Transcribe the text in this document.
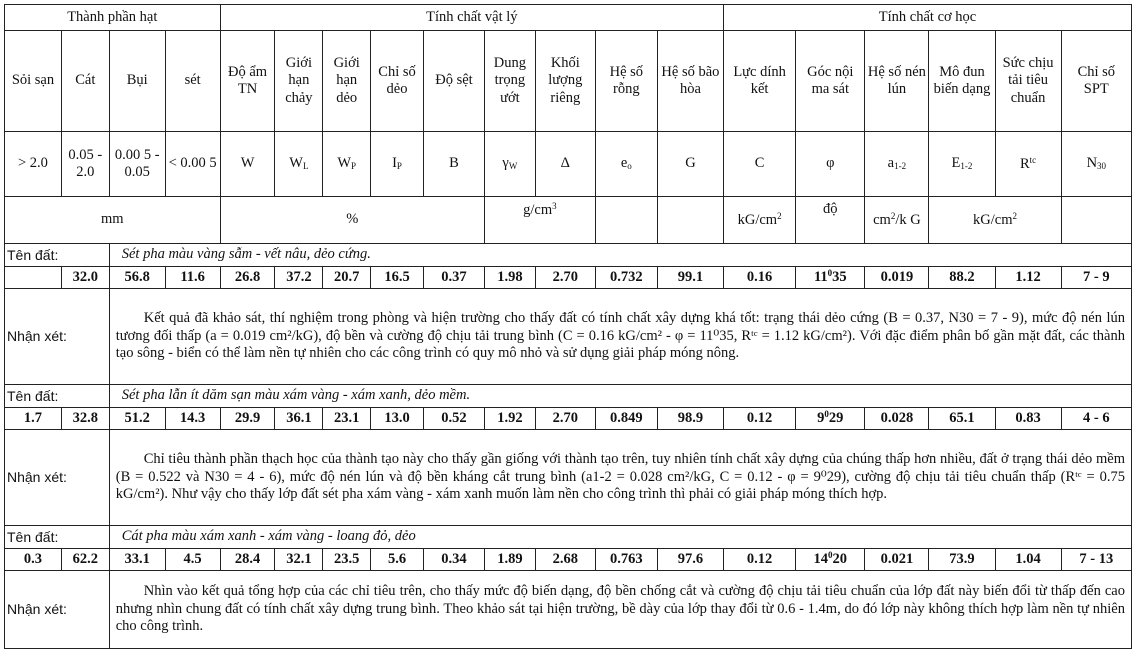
Thành phần hạt				Tính chất vật lý									Tính chất cơ học					
Sỏi sạn	Cát	Bụi	sét	Độ ẩm TN	Giới hạn chảy	Giới hạn dẻo	Chỉ số dẻo	Độ sệt	Dung trọng ướt	Khối lượng riêng	Hệ số rỗng	Hệ số bão hòa	Lực dính kết	Góc nội ma sát	Hệ số nén lún	Mô đun biến dạng	Sức chịu tải tiêu chuẩn	Chỉ số SPT
> 2.0	0.05 - 2.0	0.00 5 - 0.05	< 0.00 5	W	$W_L$	$W_P$	$I_P$	B	$\gamma_W$	Δ	$e_o$	G	C	φ	$a_{1-2}$	$E_{1-2}$	$R^{tc}$	$N_{30}$
mm				%					$g/cm^3$				$kG/cm^2$	độ	$cm^2/k$ G	$kG/cm^2$	
Tên đất:		Sét pha màu vàng sẫm - vết nâu, dẻo cứng.																
	32.0	56.8	11.6	26.8	37.2	20.7	16.5	0.37	1.98	2.70	0.732	99.1	0.16	$11^035$	0.019	88.2	1.12	7 - 9
Nhận xét:		Kết quả đã khảo sát, thí nghiệm trong phòng và hiện trường cho thấy đất có tính chất xây dựng khá tốt: trạng thái dẻo cứng (B = 0.37, N30 = 7 - 9), mức độ nén lún tương đối thấp (a = 0.019 cm²/kG), độ bền và cường độ chịu tải trung bình (C = 0.16 kG/cm² - φ = 11⁰35, Rᵗᶜ = 1.12 kG/cm²). Với đặc điểm phân bố gần mặt đất, các thành tạo sông - biển có thể làm nền tự nhiên cho các công trình có quy mô nhỏ và sử dụng giải pháp móng nông.																

Tên đất:		Sét pha lẫn ít dăm sạn màu xám vàng - xám xanh, dẻo mềm.																
1.7	32.8	51.2	14.3	29.9	36.1	23.1	13.0	0.52	1.92	2.70	0.849	98.9	0.12	$9^029$	0.028	65.1	0.83	4 - 6
Nhận xét:		Chỉ tiêu thành phần thạch học của thành tạo này cho thấy gần giống với thành tạo trên, tuy nhiên tính chất xây dựng của chúng thấp hơn nhiều, đất ở trạng thái dẻo mềm (B = 0.522 và N30 = 4 - 6), mức độ nén lún và độ bền kháng cắt trung bình (a1-2 = 0.028 cm²/kG, C = 0.12 - φ = 9⁰29), cường độ chịu tải tiêu chuẩn thấp (Rᵗᶜ = 0.75 kG/cm²). Như vậy cho thấy lớp đất sét pha xám vàng - xám xanh muốn làm nền cho công trình thì phải có giải pháp móng thích hợp.																

Tên đất:		Cát pha màu xám xanh - xám vàng - loang đỏ, dẻo																
0.3	62.2	33.1	4.5	28.4	32.1	23.5	5.6	0.34	1.89	2.68	0.763	97.6	0.12	$14^020$	0.021	73.9	1.04	7 - 13
Nhận xét:		Nhìn vào kết quả tổng hợp của các chỉ tiêu trên, cho thấy mức độ biến dạng, độ bền chống cắt và cường độ chịu tải tiêu chuẩn của lớp đất này biến đổi từ thấp đến cao nhưng nhìn chung đất có tính chất xây dựng trung bình. Theo khảo sát tại hiện trường, bề dày của lớp thay đổi từ 0.6 - 1.4m, do đó lớp này không thích hợp làm nền tự nhiên cho công trình.																
